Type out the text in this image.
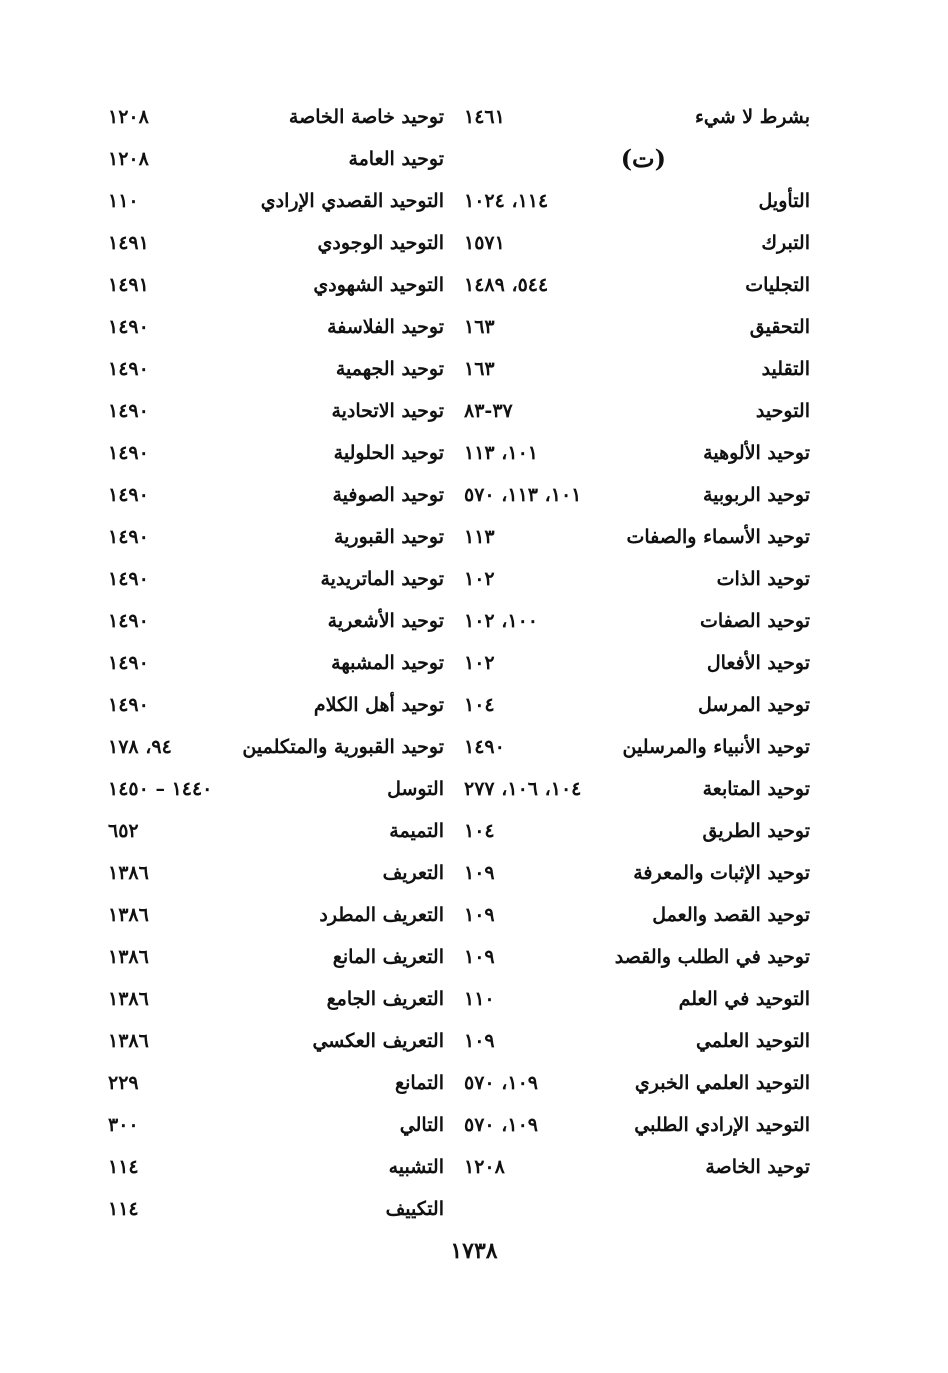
بشرط لا شيء
١٤٦١
(ت)
التأويل
١١٤، ١٠٢٤
التبرك
١٥٧١
التجليات
٥٤٤، ١٤٨٩
التحقيق
١٦٣
التقليد
١٦٣
التوحيد
٣٧-٨٣
توحيد الألوهية
١٠١، ١١٣
توحيد الربوبية
١٠١، ١١٣، ٥٧٠
توحيد الأسماء والصفات
١١٣
توحيد الذات
١٠٢
توحيد الصفات
١٠٠، ١٠٢
توحيد الأفعال
١٠٢
توحيد المرسل
١٠٤
توحيد الأنبياء والمرسلين
١٤٩٠
توحيد المتابعة
١٠٤، ١٠٦، ٢٧٧
توحيد الطريق
١٠٤
توحيد الإثبات والمعرفة
١٠٩
توحيد القصد والعمل
١٠٩
توحيد في الطلب والقصد
١٠٩
التوحيد في العلم
١١٠
التوحيد العلمي
١٠٩
التوحيد العلمي الخبري
١٠٩، ٥٧٠
التوحيد الإرادي الطلبي
١٠٩، ٥٧٠
توحيد الخاصة
١٢٠٨
توحيد خاصة الخاصة
١٢٠٨
توحيد العامة
١٢٠٨
التوحيد القصدي الإرادي
١١٠
التوحيد الوجودي
١٤٩١
التوحيد الشهودي
١٤٩١
توحيد الفلاسفة
١٤٩٠
توحيد الجهمية
١٤٩٠
توحيد الاتحادية
١٤٩٠
توحيد الحلولية
١٤٩٠
توحيد الصوفية
١٤٩٠
توحيد القبورية
١٤٩٠
توحيد الماتريدية
١٤٩٠
توحيد الأشعرية
١٤٩٠
توحيد المشبهة
١٤٩٠
توحيد أهل الكلام
١٤٩٠
توحيد القبورية والمتكلمين
٩٤، ١٧٨
التوسل
١٤٤٠ – ١٤٥٠
التميمة
٦٥٢
التعريف
١٣٨٦
التعريف المطرد
١٣٨٦
التعريف المانع
١٣٨٦
التعريف الجامع
١٣٨٦
التعريف العكسي
١٣٨٦
التمانع
٢٢٩
التالي
٣٠٠
التشبيه
١١٤
التكييف
١١٤
١٧٣٨
